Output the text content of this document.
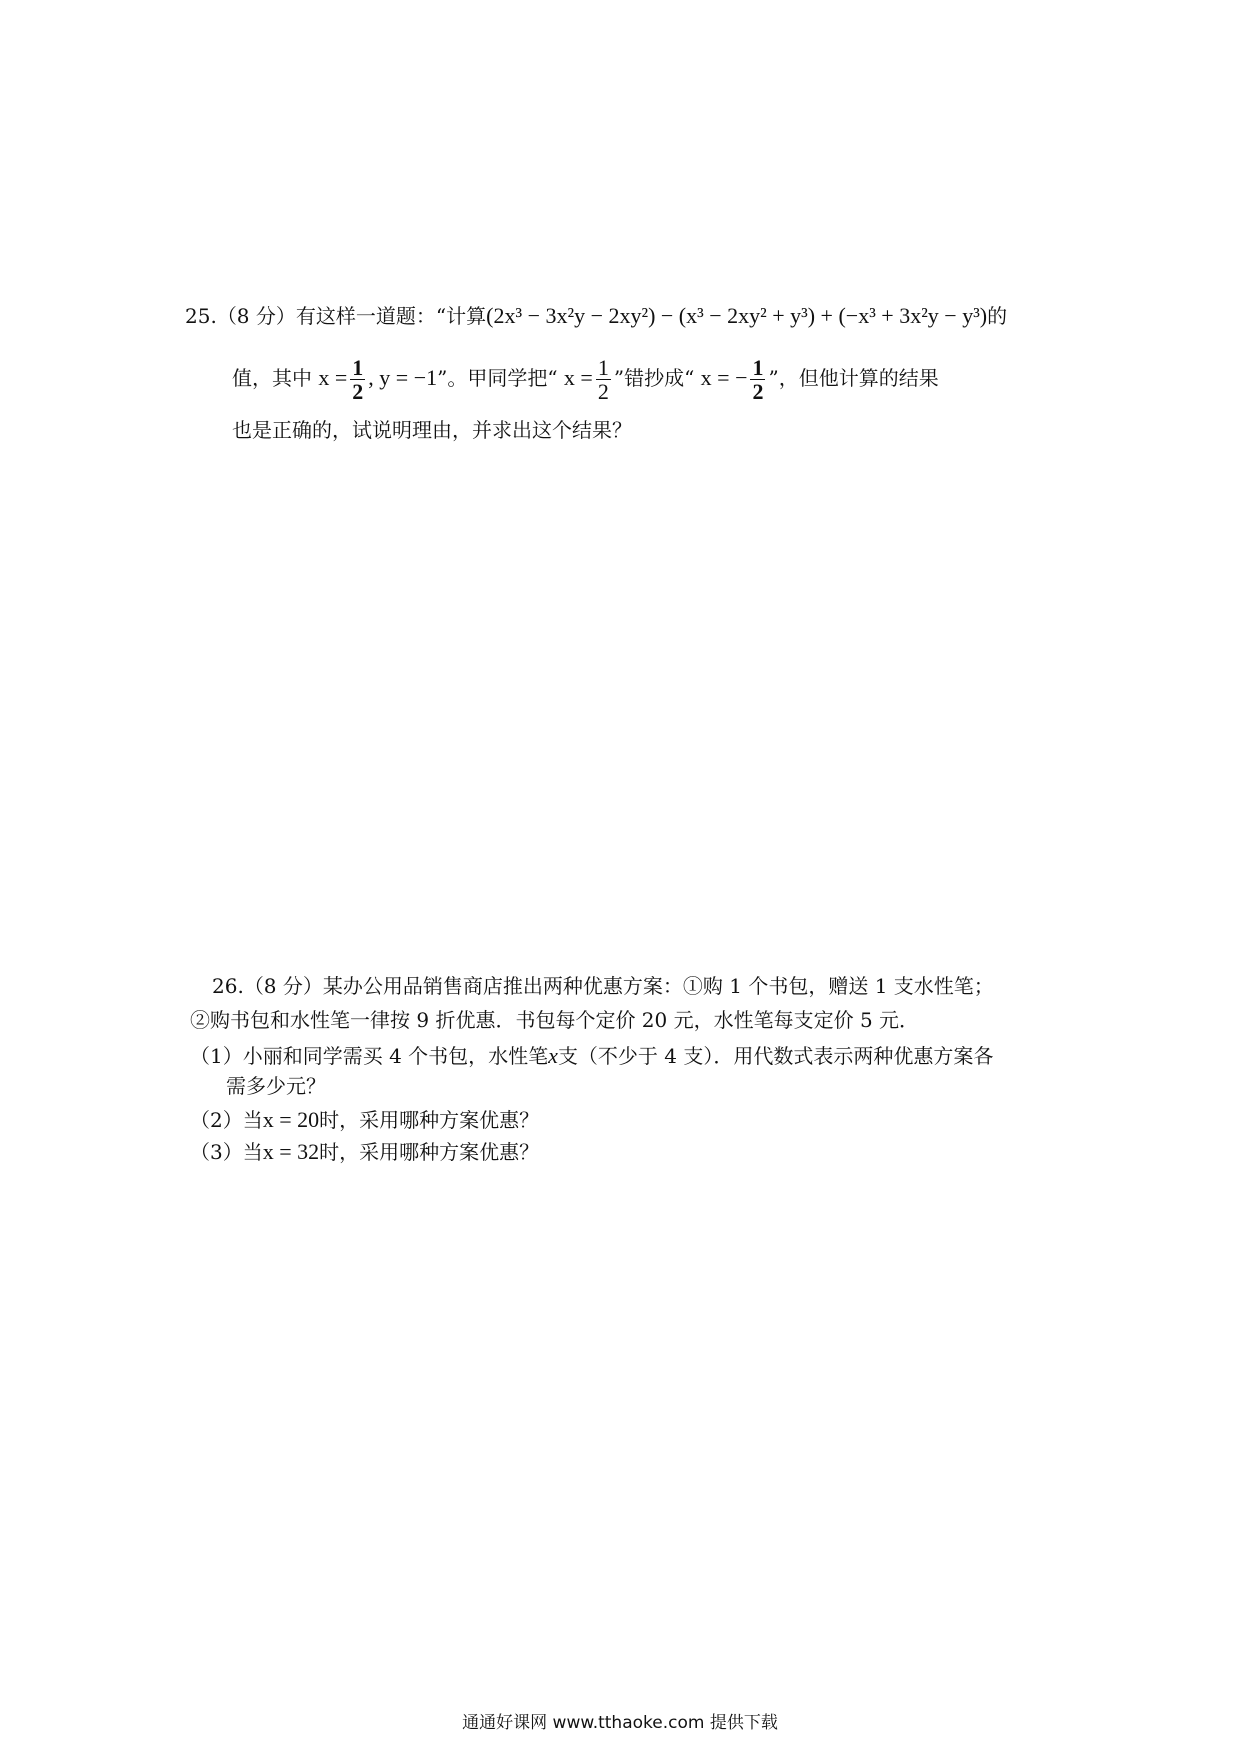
25.（8 分）有这样一道题：“计算(2x³ − 3x²y − 2xy²) − (x³ − 2xy² + y³) + (−x³ + 3x²y − y³)的
值，其中 $x = \frac{1}{2}$ , y = −1”。甲同学把“ $x = \frac{1}{2}$ ”错抄成“ x = − $\frac{1}{2}$ ”，但他计算的结果
也是正确的，试说明理由，并求出这个结果？
26.（8 分）某办公用品销售商店推出两种优惠方案：①购 1 个书包，赠送 1 支水性笔；
②购书包和水性笔一律按 9 折优惠．书包每个定价 20 元，水性笔每支定价 5 元．
（1）小丽和同学需买 4 个书包，水性笔x支（不少于 4 支）．用代数式表示两种优惠方案各
需多少元？
（2）当x = 20时，采用哪种方案优惠？
（3）当x = 32时，采用哪种方案优惠？
通通好课网 www.tthaoke.com 提供下载
